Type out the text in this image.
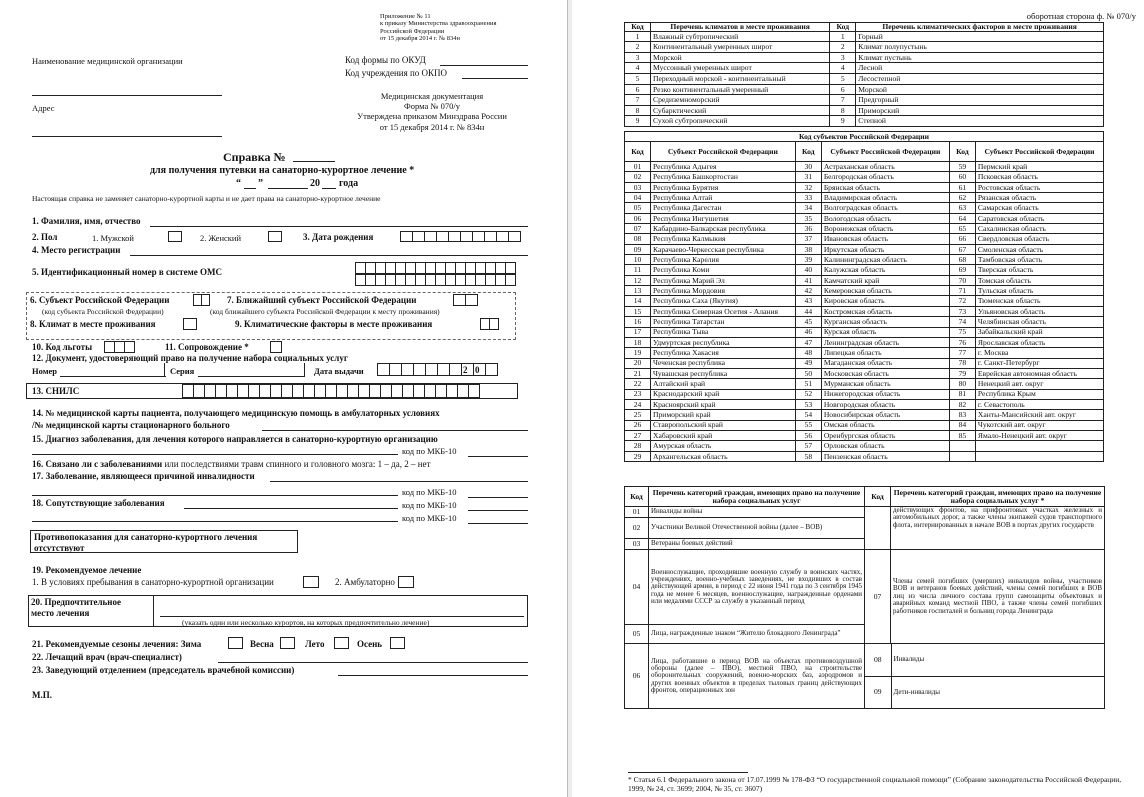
Приложение № 11
к приказу Министерства здравоохранения
Российской Федерации
от 15 декабря 2014 г. № 834н
Наименование медицинской организации	Код формы по ОКУД
Код учреждения по ОКПО
Медицинская документация
Форма № 070/у
Утверждена приказом Минздрава России
от 15 декабря 2014 г. № 834н
Адрес
Справка №
для получения путевки на санаторно-курортное лечение *
“ ”	20 года
Настоящая справка не заменяет санаторно-курортной карты и не дает права на санаторно-курортное лечение
1. Фамилия, имя, отчество
2. Пол	1. Мужской	2. Женский	3. Дата рождения
4. Место регистрации
5. Идентификационный номер в системе ОМС
6. Субъект Российской Федерации	7. Ближайший субъект Российской Федерации
(код субъекта Российской Федерации)	(код ближайшего субъекта Российской Федерации к месту проживания)
8. Климат в месте проживания	9. Климатические факторы в месте проживания
10. Код льготы	11. Сопровождение *
12. Документ, удостоверяющий право на получение набора социальных услуг
Номер	Серия	Дата выдачи	2 0
13. СНИЛС
14. № медицинской карты пациента, получающего медицинскую помощь в амбулаторных условиях
/№ медицинской карты стационарного больного
15. Диагноз заболевания, для лечения которого направляется в санаторно-курортную организацию
код по МКБ-10
16. Связано ли с заболеваниями или последствиями травм спинного и головного мозга: 1 – да, 2 – нет
17. Заболевание, являющееся причиной инвалидности
код по МКБ-10
18. Сопутствующие заболевания	код по МКБ-10
код по МКБ-10
Противопоказания для санаторно-курортного лечения
отсутствуют
19. Рекомендуемое лечение
1. В условиях пребывания в санаторно-курортной организации	2. Амбулаторно
20. Предпочтительное
место лечения
(указать один или несколько курортов, на которых предпочтительно лечение)
21. Рекомендуемые сезоны лечения: Зима	Весна	Лето	Осень
22. Лечащий врач (врач-специалист)
23. Заведующий отделением (председатель врачебной комиссии)
М.П.
оборотная сторона ф. № 070/у
Код	Перечень климатов в месте проживания	Код	Перечень климатических факторов в месте проживания
1	Влажный субтропический	1	Горный
2	Континентальный умеренных широт	2	Климат полупустынь
3	Морской	3	Климат пустынь
4	Муссонный умеренных широт	4	Лесной
5	Переходный морской - континентальный	5	Лесостепной
6	Резко континентальный умеренный	6	Морской
7	Средиземноморский	7	Предгорный
8	Субарктический	8	Приморский
9	Сухой субтропический	9	Степной
Код субъектов Российской Федерации					
Код	Субъект Российской Федерации	Код	Субъект Российской Федерации	Код	Субъект Российской Федерации
01	Республика Адыгея	30	Астраханская область	59	Пермский край
02	Республика Башкортостан	31	Белгородская область	60	Псковская область
03	Республика Бурятия	32	Брянская область	61	Ростовская область
04	Республика Алтай	33	Владимирская область	62	Рязанская область
05	Республика Дагестан	34	Волгоградская область	63	Самарская область
06	Республика Ингушетия	35	Вологодская область	64	Саратовская область
07	Кабардино-Балкарская республика	36	Воронежская область	65	Сахалинская область
08	Республика Калмыкия	37	Ивановская область	66	Свердловская область
09	Карачаево-Черкесская республика	38	Иркутская область	67	Смоленская область
10	Республика Карелия	39	Калининградская область	68	Тамбовская область
11	Республика Коми	40	Калужская область	69	Тверская область
12	Республика Марий Эл	41	Камчатский край	70	Томская область
13	Республика Мордовия	42	Кемеровская область	71	Тульская область
14	Республика Саха (Якутия)	43	Кировская область	72	Тюменская область
15	Республика Северная Осетия - Алания	44	Костромская область	73	Ульяновская область
16	Республика Татарстан	45	Курганская область	74	Челябинская область
17	Республика Тыва	46	Курская область	75	Забайкальский край
18	Удмуртская республика	47	Ленинградская область	76	Ярославская область
19	Республика Хакасия	48	Липецкая область	77	г. Москва
20	Чеченская республика	49	Магаданская область	78	г. Санкт-Петербург
21	Чувашская республика	50	Московская область	79	Еврейская автономная область
22	Алтайский край	51	Мурманская область	80	Ненецкий авт. округ
23	Краснодарский край	52	Нижегородская область	81	Республика Крым
24	Красноярский край	53	Новгородская область	82	г. Севастополь
25	Приморский край	54	Новосибирская область	83	Ханты-Мансийский авт. округ
26	Ставропольский край	55	Омская область	84	Чукотский авт. округ
27	Хабаровский край	56	Оренбургская область	85	Ямало-Ненецкий авт. округ
28	Амурская область	57	Орловская область		
29	Архангельская область	58	Пензенская область		
Код	Перечень категорий граждан, имеющих право на получение набора социальных услуг	Код	Перечень категорий граждан, имеющих право на получение набора социальных услуг *
01	Инвалиды войны		действующих фронтов, на прифронтовых участках железных и автомобильных дорог, а также члены экипажей судов транспортного флота, интернированных в начале ВОВ в портах других государств
02	Участники Великой Отечественной войны (далее – ВОВ)
03	Ветераны боевых действий
04	Военнослужащие, проходившие военную службу в воинских частях, учреждениях, военно-учебных заведениях, не входивших в состав действующей армии, в период с 22 июня 1941 года по 3 сентября 1945 года не менее 6 месяцев, военнослужащие, награжденные орденами или медалями СССР за службу в указанный период	07	Члены семей погибших (умерших) инвалидов войны, участников ВОВ и ветеранов боевых действий, члены семей погибших в ВОВ лиц из числа личного состава групп самозащиты объектовых и аварийных команд местной ПВО, а также члены семей погибших работников госпиталей и больниц города Ленинграда
05	Лица, награжденные знаком “Жителю блокадного Ленинграда”
06	Лица, работавшие в период ВОВ на объектах противовоздушной обороны (далее – ПВО), местной ПВО, на строительстве оборонительных сооружений, военно-морских баз, аэродромов и других военных объектов в пределах тыловых границ действующих фронтов, операционных зон	
08	Инвалиды
09	Дети-инвалиды
* Статья 6.1 Федерального закона от 17.07.1999 № 178-ФЗ “О государственной социальной помощи” (Собрание законодательства Российской Федерации, 1999, № 24, ст. 3699; 2004, № 35, ст. 3607)
